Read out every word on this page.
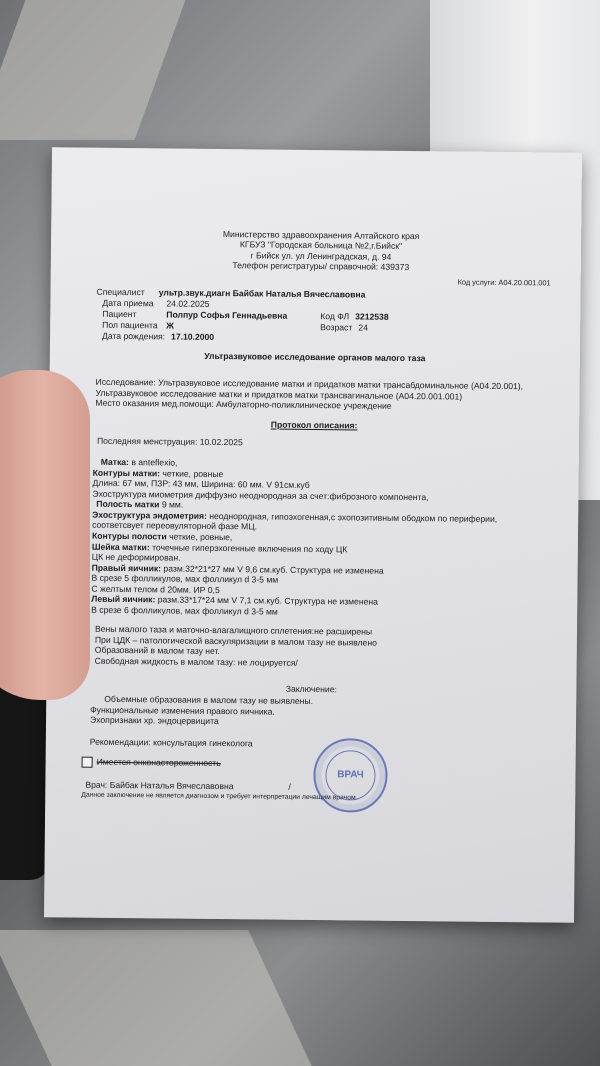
Министерство здравоохранения Алтайского края
КГБУЗ "Городская больница №2,г.Бийск"
г Бийск ул. ул Ленинградская, д. 94
Телефон регистратуры/ справочной: 439373
Код услуги: А04.20.001.001
Специалист	ультр.звук.диагн Байбак Наталья Вячеславовна
Дата приема	24.02.2025
Пациент	Полпур Софья Геннадьевна	Код ФЛ 3212538
Пол пациента Ж	Возраст 24
Дата рождения: 17.10.2000
Ультразвуковое исследование органов малого таза
Исследование: Ультразвуковое исследование матки и придатков матки трансабдоминальное (А04.20.001), Ультразвуковое исследование матки и придатков матки трансвагинальное (А04.20.001.001)
Место оказания мед.помощи: Амбулаторно-поликлиническое учреждение
Протокол описания:
Последняя менструация: 10.02.2025
Матка: в anteflexio,
Контуры матки: четкие, ровные
Длина: 67 мм, ПЗР: 43 мм, Ширина: 60 мм. V 91см.куб
Эхоструктура миометрия диффузно неоднородная за счет:фиброзного компонента,
Полость матки 9 мм.
Эхоструктура эндометрия: неоднородная, гипоэхогенная,с эхопозитивным ободком по периферии,
соответсвует переовуляторной фазе МЦ.
Контуры полости четкие, ровные,
Шейка матки: точечные гиперэхогенные включения по ходу ЦК
ЦК не деформирован.
Правый яичник: разм.32*21*27 мм V 9,6 см.куб. Структура не изменена
В срезе 5 фолликулов, мах фолликул d 3-5 мм
С желтым телом d 20мм. ИР 0,5
Левый яичник: разм.33*17*24 мм V 7,1 см.куб. Структура не изменена
В срезе 6 фолликулов, мах фолликул d 3-5 мм
Вены малого таза и маточно-влагалищного сплетения:не расширены
При ЦДК – патологической васкуляризации в малом тазу не выявлено
Образований в малом тазу нет.
Свободная жидкость в малом тазу: не лоцируется/
Заключение:
Объемные образования в малом тазу не выявлены.
Функциональные изменения правого яичника.
Эхопризнаки хр. эндоцервицита
Рекомендации: консультация гинеколога
Имеется онконастороженность
Врач: Байбак Наталья Вячеславовна	/
Данное заключение не является диагнозом и требует интерпретации лечащим врачом.
ВРАЧ
